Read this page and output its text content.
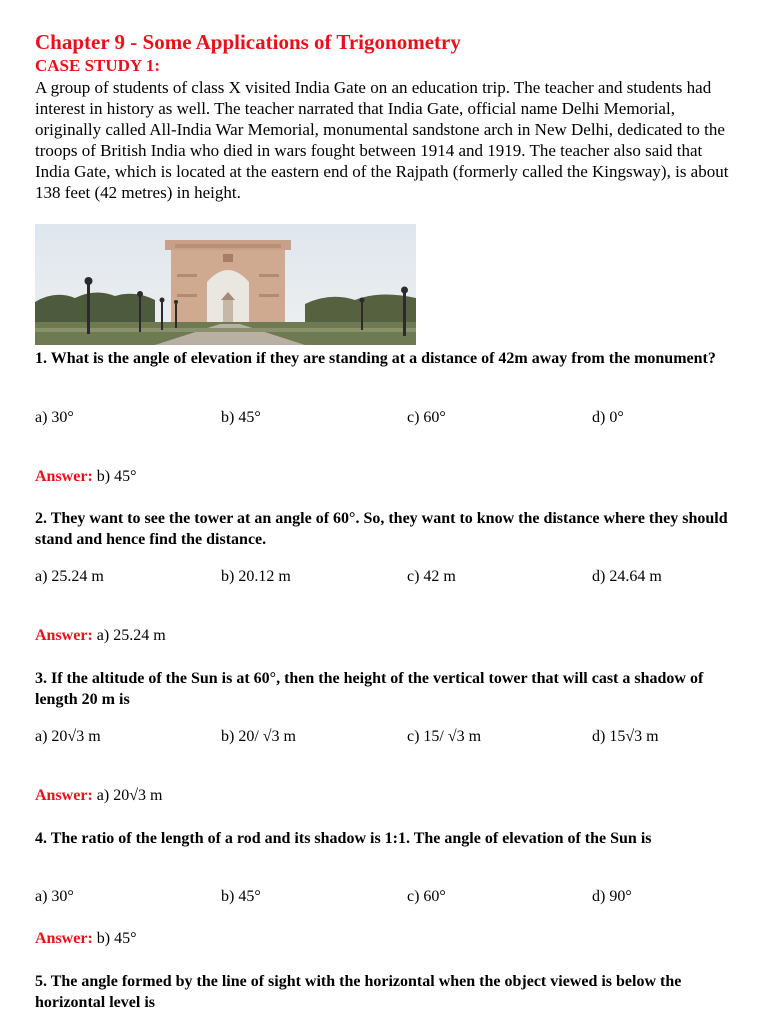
Chapter 9 - Some Applications of Trigonometry
CASE STUDY 1:
A group of students of class X visited India Gate on an education trip. The teacher and students had interest in history as well. The teacher narrated that India Gate, official name Delhi Memorial, originally called All-India War Memorial, monumental sandstone arch in New Delhi, dedicated to the troops of British India who died in wars fought between 1914 and 1919. The teacher also said that India Gate, which is located at the eastern end of the Rajpath (formerly called the Kingsway), is about 138 feet (42 metres) in height.
1. What is the angle of elevation if they are standing at a distance of 42m away from the monument?
a) 30°	b) 45°	c) 60°	d) 0°
Answer: b) 45°
2. They want to see the tower at an angle of 60°. So, they want to know the distance where they should stand and hence find the distance.
a) 25.24 m	b) 20.12 m	c) 42 m	d) 24.64 m
Answer: a) 25.24 m
3. If the altitude of the Sun is at 60°, then the height of the vertical tower that will cast a shadow of length 20 m is
a) 20√3 m	b) 20/ √3 m	c) 15/ √3 m	d) 15√3 m
Answer: a) 20√3 m
4. The ratio of the length of a rod and its shadow is 1:1. The angle of elevation of the Sun is
a) 30°	b) 45°	c) 60°	d) 90°
Answer: b) 45°
5. The angle formed by the line of sight with the horizontal when the object viewed is below the horizontal level is
